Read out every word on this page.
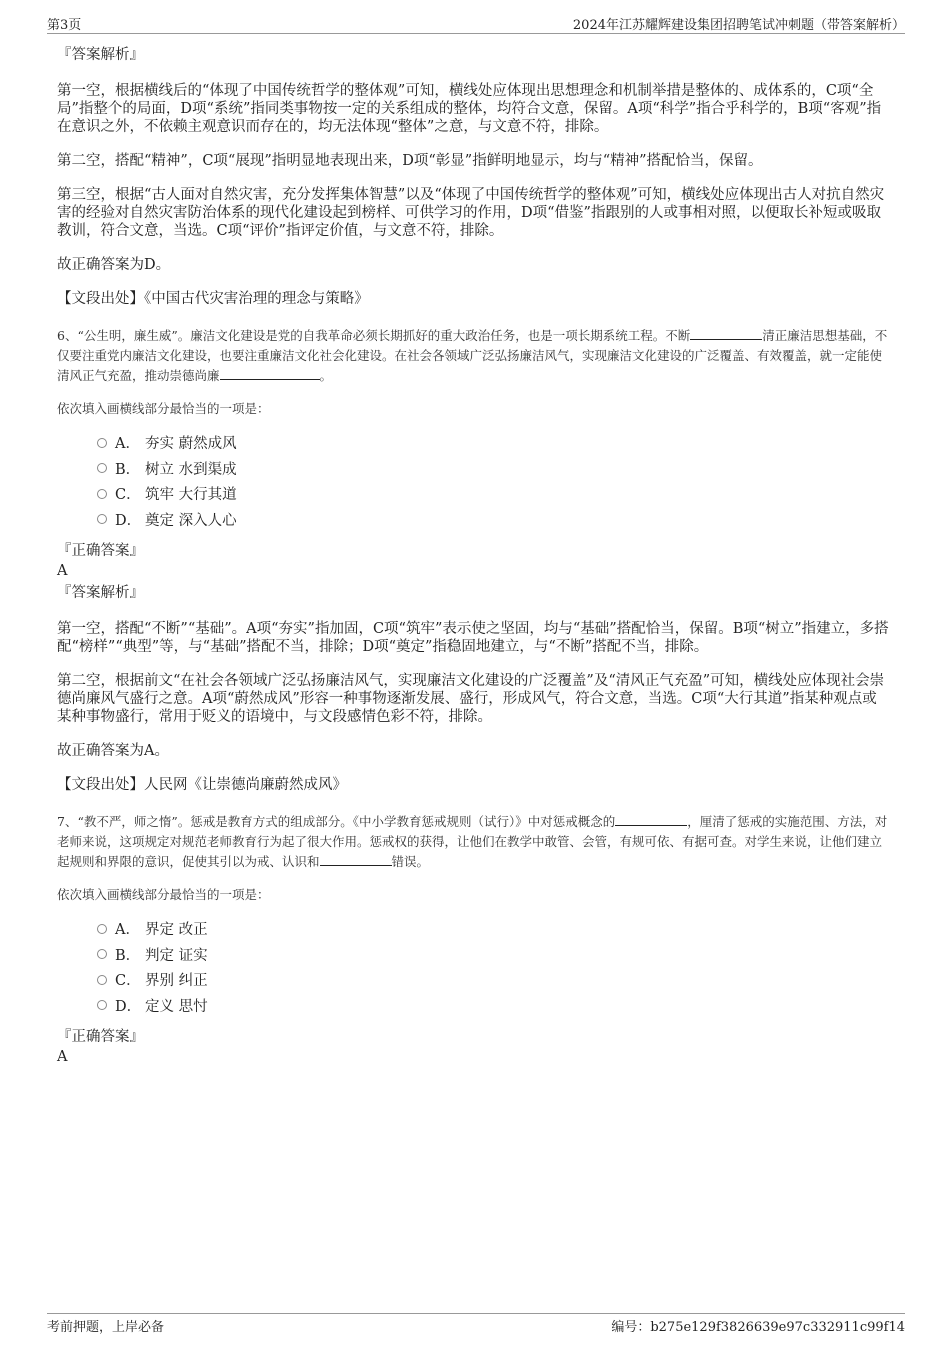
第3页	2024年江苏耀辉建设集团招聘笔试冲刺题（带答案解析）
『答案解析』
第一空，根据横线后的“体现了中国传统哲学的整体观”可知，横线处应体现出思想理念和机制举措是整体的、成体系的，C项“全局”指整个的局面，D项“系统”指同类事物按一定的关系组成的整体，均符合文意，保留。A项“科学”指合乎科学的，B项“客观”指在意识之外，不依赖主观意识而存在的，均无法体现“整体”之意，与文意不符，排除。
第二空，搭配“精神”，C项“展现”指明显地表现出来，D项“彰显”指鲜明地显示，均与“精神”搭配恰当，保留。
第三空，根据“古人面对自然灾害，充分发挥集体智慧”以及“体现了中国传统哲学的整体观”可知，横线处应体现出古人对抗自然灾害的经验对自然灾害防治体系的现代化建设起到榜样、可供学习的作用，D项“借鉴”指跟别的人或事相对照，以便取长补短或吸取教训，符合文意，当选。C项“评价”指评定价值，与文意不符，排除。
故正确答案为D。
【文段出处】《中国古代灾害治理的理念与策略》
6、“公生明，廉生威”。廉洁文化建设是党的自我革命必须长期抓好的重大政治任务，也是一项长期系统工程。不断	清正廉洁思想基础，不仅要注重党内廉洁文化建设，也要注重廉洁文化社会化建设。在社会各领域广泛弘扬廉洁风气，实现廉洁文化建设的广泛覆盖、有效覆盖，就一定能使清风正气充盈，推动崇德尚廉	。
依次填入画横线部分最恰当的一项是：
A． 夯实 蔚然成风
B． 树立 水到渠成
C． 筑牢 大行其道
D． 奠定 深入人心
『正确答案』
A
『答案解析』
第一空，搭配“不断”“基础”。A项“夯实”指加固，C项“筑牢”表示使之坚固，均与“基础”搭配恰当，保留。B项“树立”指建立，多搭配“榜样”“典型”等，与“基础”搭配不当，排除；D项“奠定”指稳固地建立，与“不断”搭配不当，排除。
第二空，根据前文“在社会各领域广泛弘扬廉洁风气，实现廉洁文化建设的广泛覆盖”及“清风正气充盈”可知，横线处应体现社会崇德尚廉风气盛行之意。A项“蔚然成风”形容一种事物逐渐发展、盛行，形成风气，符合文意，当选。C项“大行其道”指某种观点或某种事物盛行，常用于贬义的语境中，与文段感情色彩不符，排除。
故正确答案为A。
【文段出处】人民网《让崇德尚廉蔚然成风》
7、“教不严，师之惰”。惩戒是教育方式的组成部分。《中小学教育惩戒规则（试行）》中对惩戒概念的	，厘清了惩戒的实施范围、方法，对老师来说，这项规定对规范老师教育行为起了很大作用。惩戒权的获得，让他们在教学中敢管、会管，有规可依、有据可查。对学生来说，让他们建立起规则和界限的意识，促使其引以为戒、认识和	错误。
依次填入画横线部分最恰当的一项是：
A． 界定 改正
B． 判定 证实
C． 界别 纠正
D． 定义 思忖
『正确答案』
A
考前押题，上岸必备	编号：b275e129f3826639e97c332911c99f14
